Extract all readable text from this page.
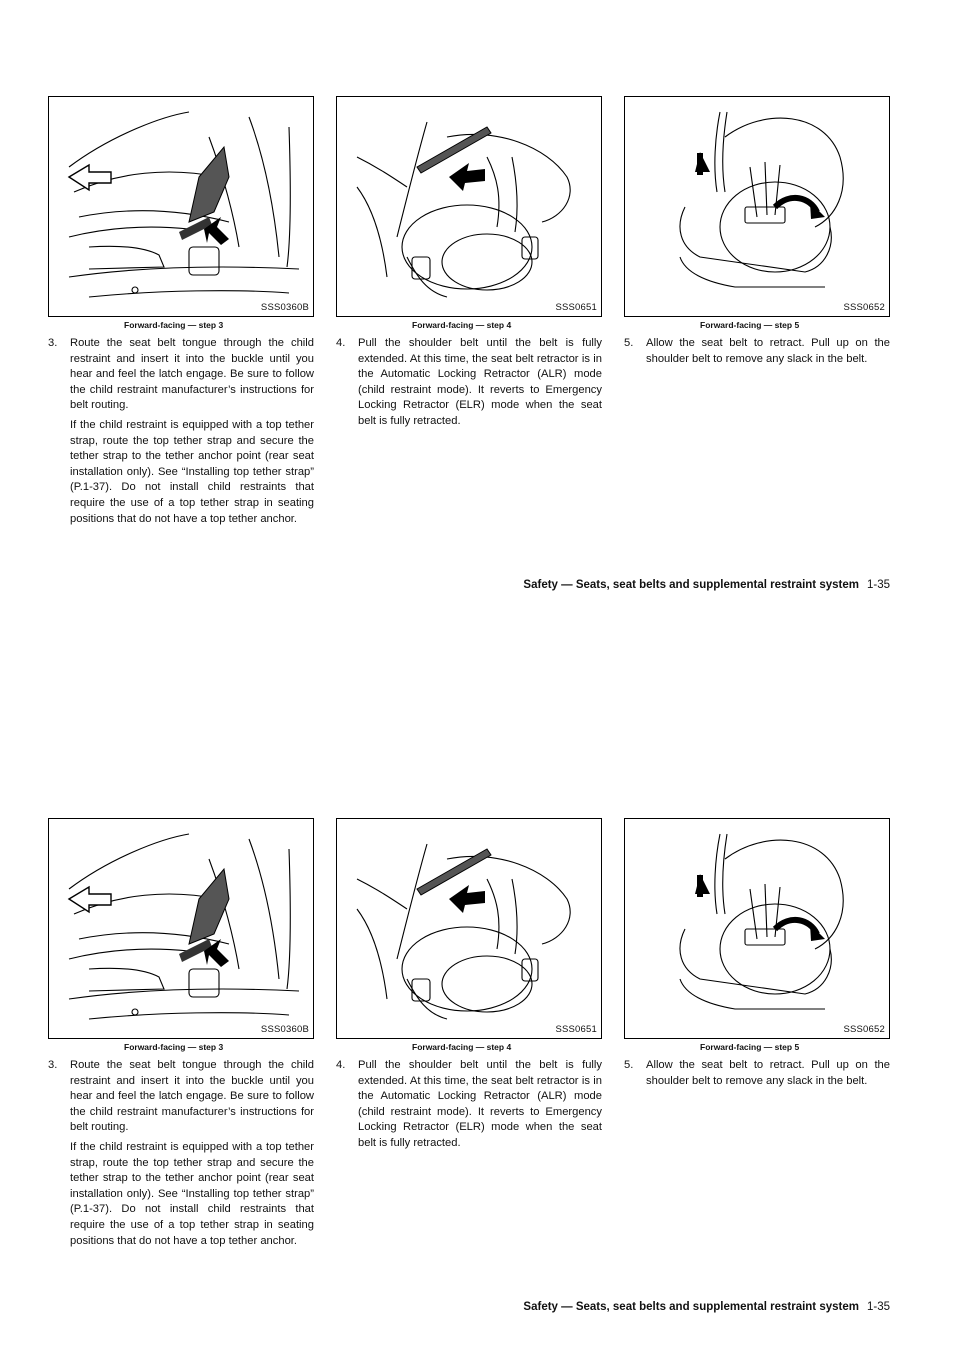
SSS0360B
Forward-facing — step 3
3. Route the seat belt tongue through the child restraint and insert it into the buckle until you hear and feel the latch engage. Be sure to follow the child restraint manufacturer’s instructions for belt routing.

If the child restraint is equipped with a top tether strap, route the top tether strap and secure the tether strap to the tether anchor point (rear seat installation only). See “Installing top tether strap” (P.1-37). Do not install child restraints that require the use of a top tether strap in seating positions that do not have a top tether anchor.

SSS0651
Forward-facing — step 4
4. Pull the shoulder belt until the belt is fully extended. At this time, the seat belt retractor is in the Automatic Locking Retractor (ALR) mode (child restraint mode). It reverts to Emergency Locking Retractor (ELR) mode when the seat belt is fully retracted.

SSS0652
Forward-facing — step 5
5. Allow the seat belt to retract. Pull up on the shoulder belt to remove any slack in the belt.

Safety — Seats, seat belts and supplemental restraint system 1-35
SSS0360B
Forward-facing — step 3
3. Route the seat belt tongue through the child restraint and insert it into the buckle until you hear and feel the latch engage. Be sure to follow the child restraint manufacturer’s instructions for belt routing.

If the child restraint is equipped with a top tether strap, route the top tether strap and secure the tether strap to the tether anchor point (rear seat installation only). See “Installing top tether strap” (P.1-37). Do not install child restraints that require the use of a top tether strap in seating positions that do not have a top tether anchor.

SSS0651
Forward-facing — step 4
4. Pull the shoulder belt until the belt is fully extended. At this time, the seat belt retractor is in the Automatic Locking Retractor (ALR) mode (child restraint mode). It reverts to Emergency Locking Retractor (ELR) mode when the seat belt is fully retracted.

SSS0652
Forward-facing — step 5
5. Allow the seat belt to retract. Pull up on the shoulder belt to remove any slack in the belt.

Safety — Seats, seat belts and supplemental restraint system 1-35
